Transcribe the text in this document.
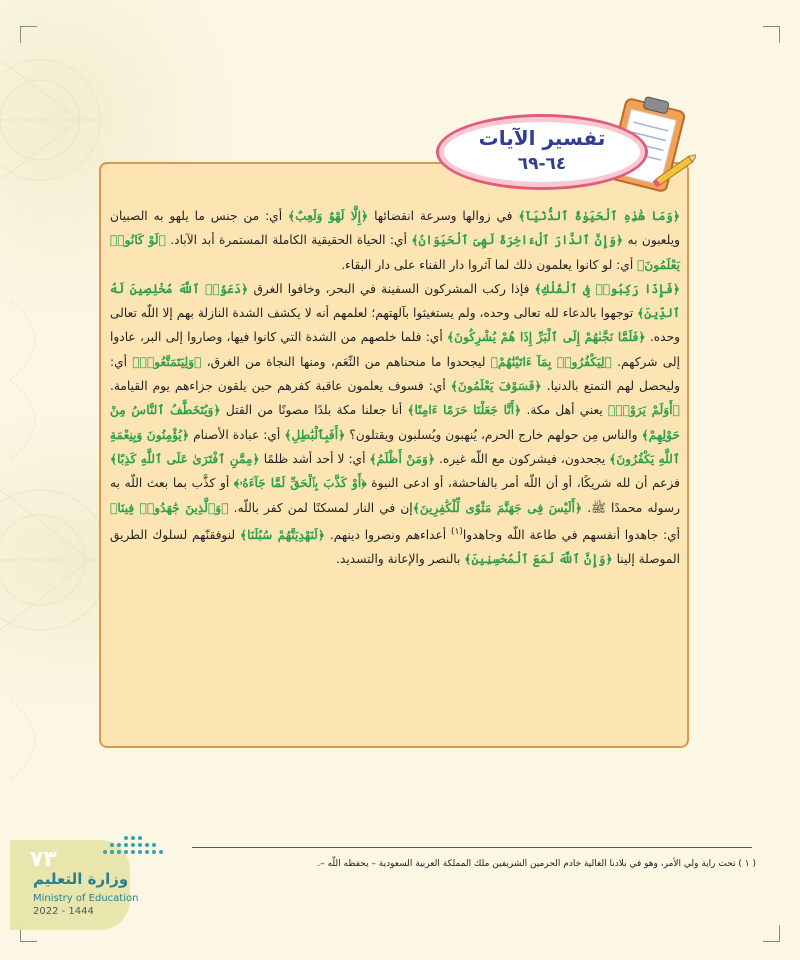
تفسير الآيات
٦٤-٦٩

﴿وَمَا هَٰذِهِ ٱلْحَيَوٰةُ ٱلدُّنْيَآ﴾ في زوالها وسرعة انقضائها ﴿إِلَّا لَهْوٌ وَلَعِبٌ﴾ أي: من جنس ما يلهو به الصبيان ويلعبون به ﴿وَإِنَّ ٱلدَّارَ ٱلْءَاخِرَةَ لَهِىَ ٱلْحَيَوَانُ﴾ أي: الحياة الحقيقية الكاملة المستمرة أبد الآباد. ﴿لَوْ كَانُوا۟ يَعْلَمُونَ﴾ أي: لو كانوا يعلمون ذلك لما آثروا دار الفناء على دار البقاء.

﴿فَإِذَا رَكِبُوا۟ فِى ٱلْفُلْكِ﴾ فإذا ركب المشركون السفينة في البحر، وخافوا الغرق ﴿دَعَوُا۟ ٱللَّهَ مُخْلِصِينَ لَهُ ٱلدِّينَ﴾ توجهوا بالدعاء لله تعالى وحده، ولم يستغيثوا بآلهتهم؛ لعلمهم أنه لا يكشف الشدة النازلة بهم إلا اللّه تعالى وحده. ﴿فَلَمَّا نَجَّىٰهُمْ إِلَى ٱلْبَرِّ إِذَا هُمْ يُشْرِكُونَ﴾ أي: فلما خلصهم من الشدة التي كانوا فيها، وصاروا إلى البر، عادوا إلى شركهم. ﴿لِيَكْفُرُوا۟ بِمَآ ءَاتَيْنَٰهُمْ﴾ ليجحدوا ما منحناهم من النِّعَم، ومنها النجاة من الغرق، ﴿وَلِيَتَمَتَّعُوا۟﴾ أي: وليحصل لهم التمتع بالدنيا. ﴿فَسَوْفَ يَعْلَمُونَ﴾ أي: فسوف يعلمون عاقبة كفرهم حين يلقون جزاءهم يوم القيامة. ﴿أَوَلَمْ يَرَوْا۟﴾ يعني أهل مكة. ﴿أَنَّا جَعَلْنَا حَرَمًا ءَامِنًا﴾ أنا جعلنا مكة بلدًا مصونًا من القتل ﴿وَيُتَخَطَّفُ ٱلنَّاسُ مِنْ حَوْلِهِمْ﴾ والناس مِن حولهم خارج الحرم، يُنهبون ويُسلبون ويقتلون؟ ﴿أَفَبِٱلْبَٰطِلِ﴾ أي: عبادة الأصنام ﴿يُؤْمِنُونَ وَبِنِعْمَةِ ٱللَّهِ يَكْفُرُونَ﴾ يجحدون، فيشركون مع اللّه غيره. ﴿وَمَنْ أَظْلَمُ﴾ أي: لا أحد أشد ظلمًا ﴿مِمَّنِ ٱفْتَرَىٰ عَلَى ٱللَّهِ كَذِبًا﴾ فزعم أن لله شريكًا، أو أن اللّه أمر بالفاحشة، أو ادعى النبوة ﴿أَوْ كَذَّبَ بِٱلْحَقِّ لَمَّا جَآءَهُۥ﴾ أو كذَّب بما بعث اللّه به رسوله محمدًا ﷺ. ﴿أَلَيْسَ فِى جَهَنَّمَ مَثْوًى لِّلْكَٰفِرِينَ﴾إن في النار لمسكنًا لمن كفر باللّه. ﴿وَٱلَّذِينَ جَٰهَدُوا۟ فِينَا﴾ أي: جاهدوا أنفسهم في طاعة اللّه وجاهدوا$^{(١)}$ أعداءهم ونصروا دينهم. ﴿لَنَهْدِيَنَّهُمْ سُبُلَنَا﴾ لنوفقنّهم لسلوك الطريق الموصلة إلينا ﴿وَإِنَّ ٱللَّهَ لَمَعَ ٱلْمُحْسِنِينَ﴾ بالنصر والإعانة والتسديد.

( ١ ) تحت راية ولي الأمر، وهو في بلادنا الغالية خادم الحرمين الشريفين ملك المملكة العربية السعودية – يحفظه اللّه –.
٧٣
وزارة التعليم
Ministry of Education
2022 - 1444
